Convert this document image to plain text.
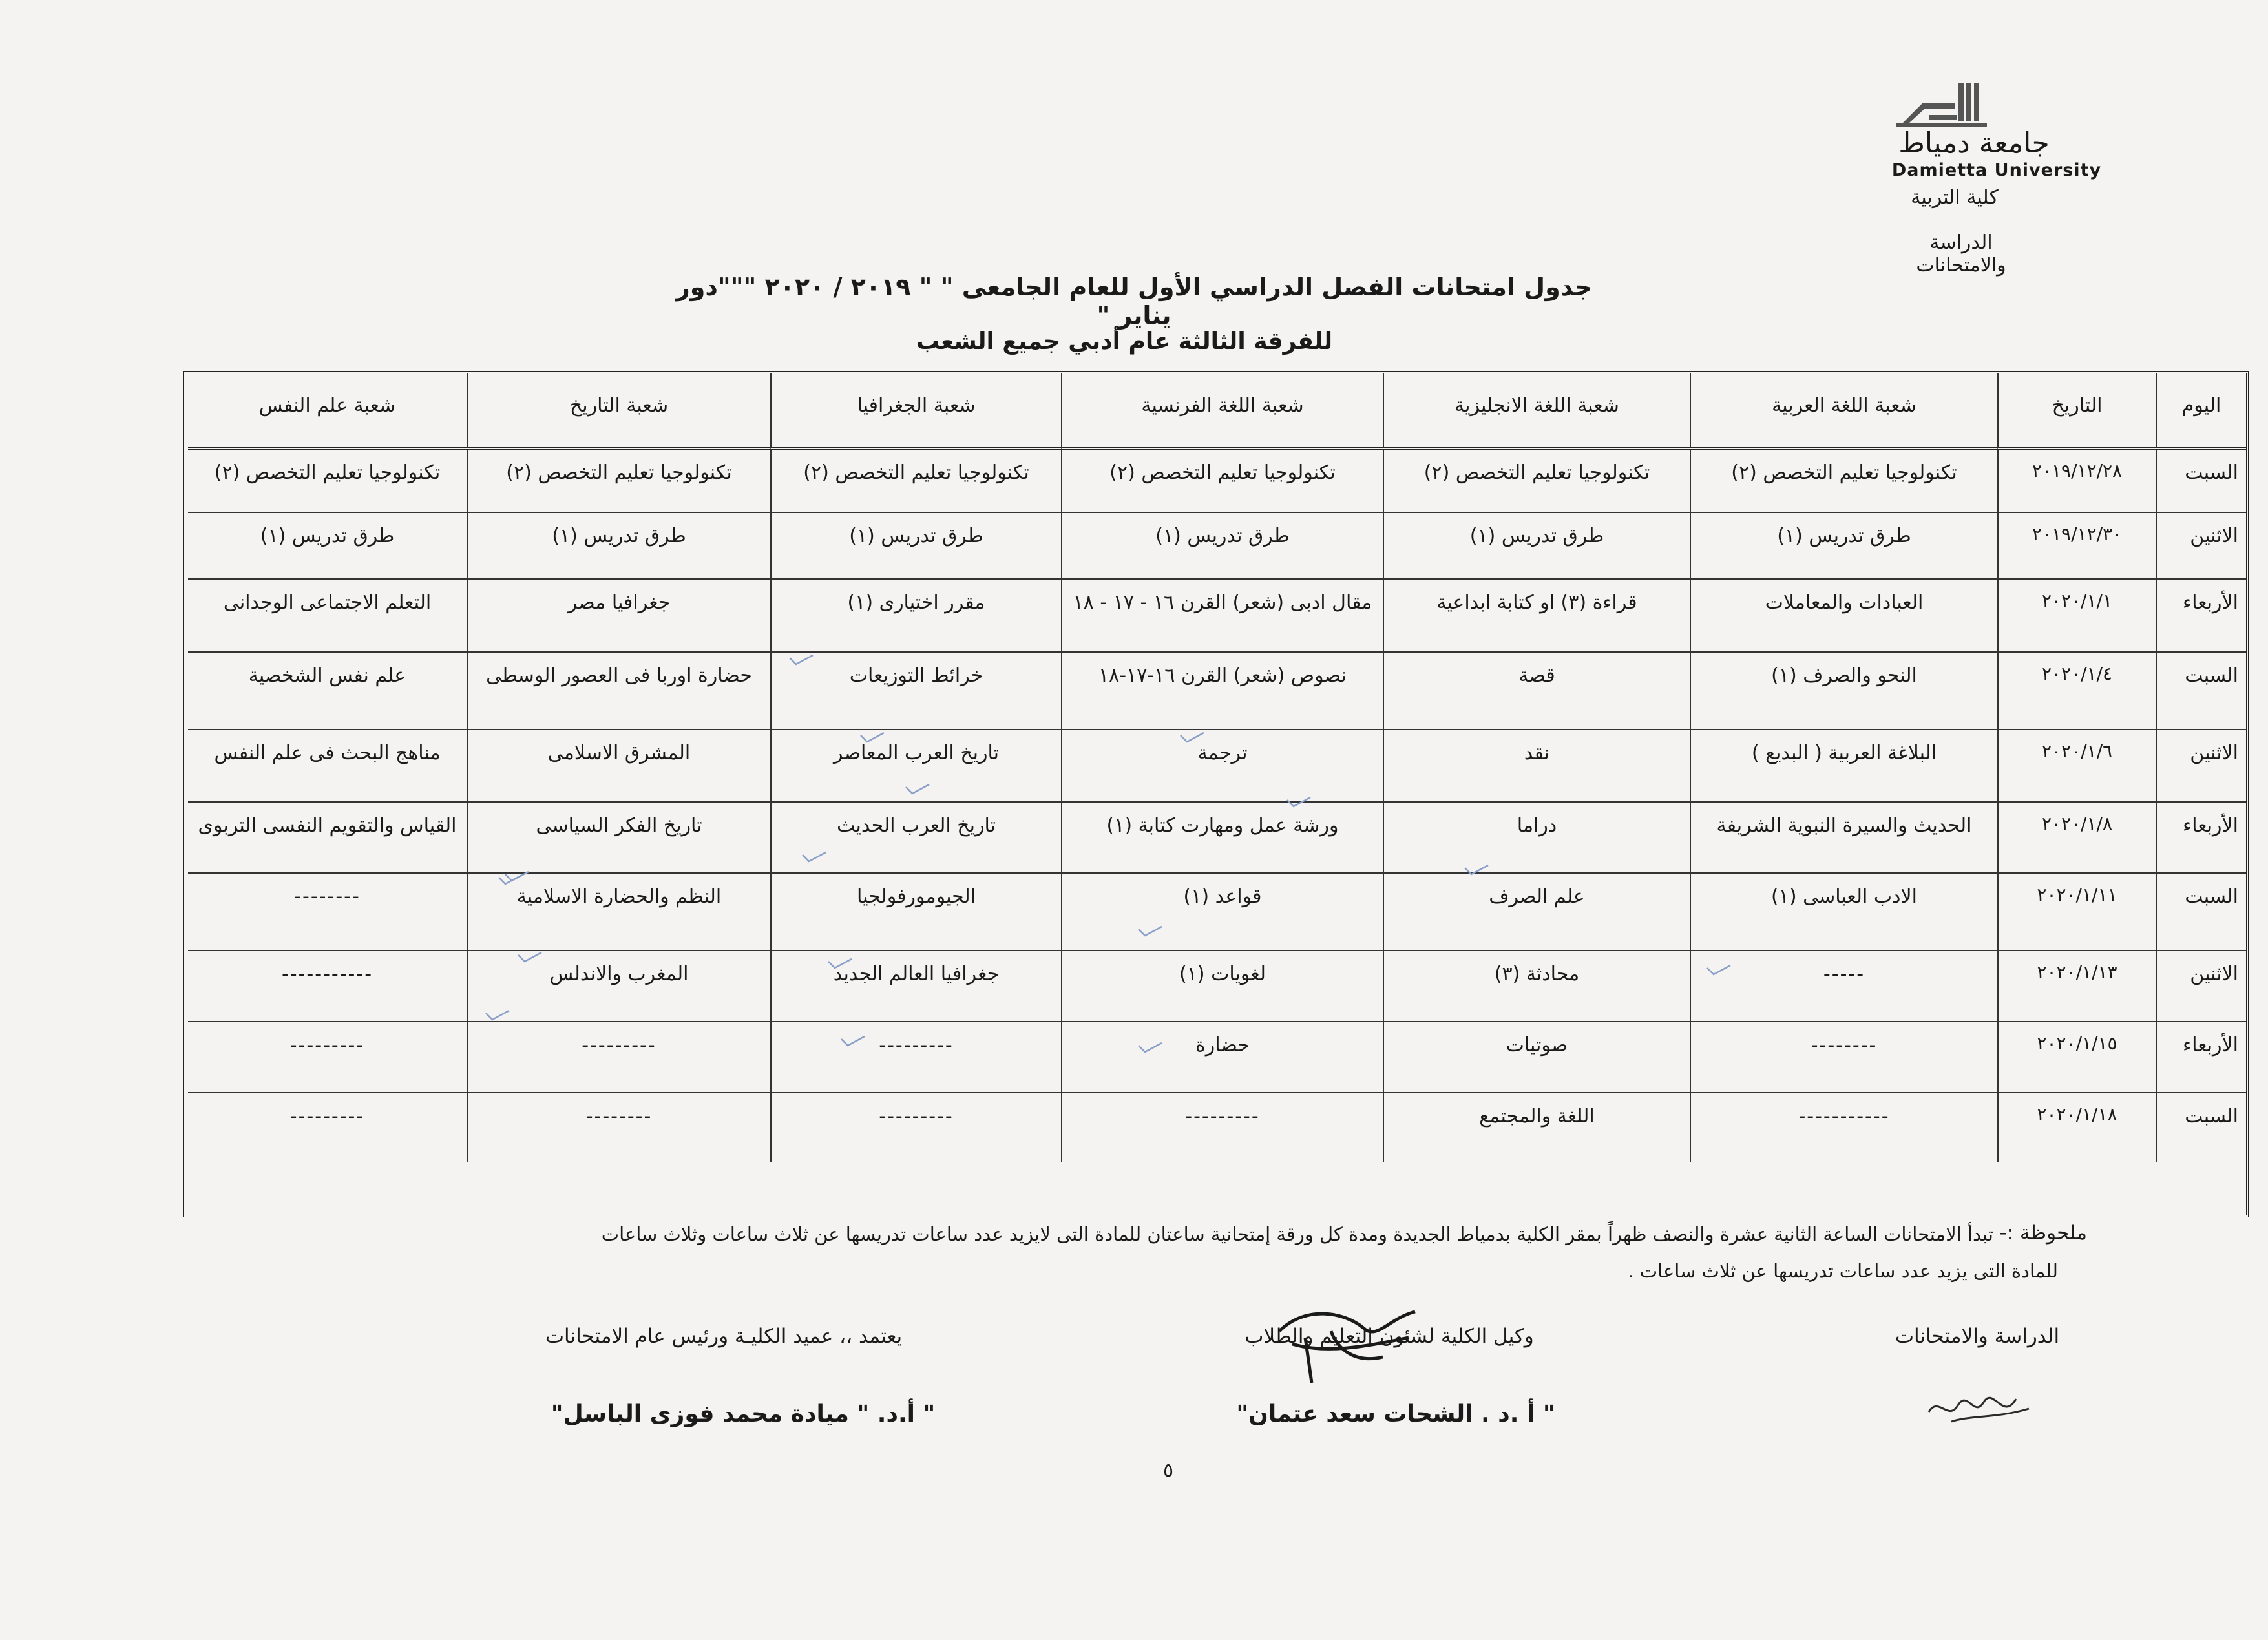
جامعة دمياط
Damietta University
كلية التربية
الدراسة والامتحانات
جدول امتحانات الفصل الدراسي الأول للعام الجامعى " " ٢٠١٩ / ٢٠٢٠ """دور يناير "
للفرقة الثالثة عام أدبي جميع الشعب
اليوم
التاريخ
شعبة اللغة العربية
شعبة اللغة الانجليزية
شعبة اللغة الفرنسية
شعبة الجغرافيا
شعبة التاريخ
شعبة علم النفس
السبت
٢٠١٩/١٢/٢٨
تكنولوجيا تعليم التخصص (٢)
تكنولوجيا تعليم التخصص (٢)
تكنولوجيا تعليم التخصص (٢)
تكنولوجيا تعليم التخصص (٢)
تكنولوجيا تعليم التخصص (٢)
تكنولوجيا تعليم التخصص (٢)
الاثنين
٢٠١٩/١٢/٣٠
طرق تدريس (١)
طرق تدريس (١)
طرق تدريس (١)
طرق تدريس (١)
طرق تدريس (١)
طرق تدريس (١)
الأربعاء
٢٠٢٠/١/١
العبادات والمعاملات
قراءة (٣) او كتابة ابداعية
مقال ادبى (شعر) القرن ١٦ - ١٧ - ١٨
مقرر اختيارى (١)
جغرافيا مصر
التعلم الاجتماعى الوجدانى
السبت
٢٠٢٠/١/٤
النحو والصرف (١)
قصة
نصوص (شعر) القرن ١٦-١٧-١٨
خرائط التوزيعات
حضارة اوربا فى العصور الوسطى
علم نفس الشخصية
الاثنين
٢٠٢٠/١/٦
البلاغة العربية ( البديع )
نقد
ترجمة
تاريخ العرب المعاصر
المشرق الاسلامى
مناهج البحث فى علم النفس
الأربعاء
٢٠٢٠/١/٨
الحديث والسيرة النبوية الشريفة
دراما
ورشة عمل ومهارت كتابة (١)
تاريخ العرب الحديث
تاريخ الفكر السياسى
القياس والتقويم النفسى التربوى
السبت
٢٠٢٠/١/١١
الادب العباسى (١)
علم الصرف
قواعد (١)
الجيومورفولجيا
النظم والحضارة الاسلامية
--------
الاثنين
٢٠٢٠/١/١٣
-----
محادثة (٣)
لغويات (١)
جغرافيا العالم الجديد
المغرب والاندلس
-----------
الأربعاء
٢٠٢٠/١/١٥
--------
صوتيات
حضارة
---------
---------
---------
السبت
٢٠٢٠/١/١٨
-----------
اللغة والمجتمع
---------
---------
--------
---------
ملحوظة :-
تبدأ الامتحانات الساعة الثانية عشرة والنصف ظهراً بمقر الكلية بدمياط الجديدة ومدة كل ورقة إمتحانية ساعتان للمادة التى لايزيد عدد ساعات تدريسها عن ثلاث ساعات وثلاث ساعات
للمادة التى يزيد عدد ساعات تدريسها عن ثلاث ساعات .
الدراسة والامتحانات
وكيل الكلية لشئون التعليم والطلاب
" أ .د . الشحات سعد عتمان"
يعتمد ،، عميد الكليـة ورئيس عام الامتحانات
" أ.د. " ميادة محمد فوزى الباسل"
٥
